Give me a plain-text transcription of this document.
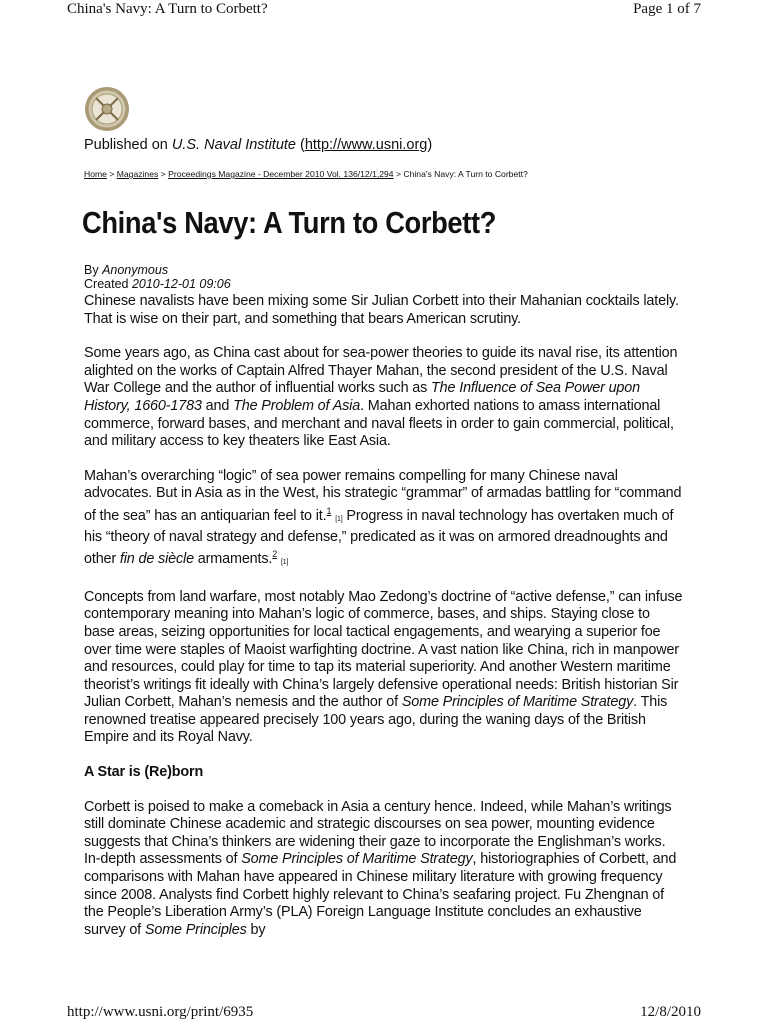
China's Navy: A Turn to Corbett?	Page 1 of 7
Published on U.S. Naval Institute (http://www.usni.org)
Home > Magazines > Proceedings Magazine - December 2010 Vol. 136/12/1,294 > China's Navy: A Turn to Corbett?
China's Navy: A Turn to Corbett?
By Anonymous
Created 2010-12-01 09:06

Chinese navalists have been mixing some Sir Julian Corbett into their Mahanian cocktails lately. That is wise on their part, and something that bears American scrutiny.

Some years ago, as China cast about for sea-power theories to guide its naval rise, its attention alighted on the works of Captain Alfred Thayer Mahan, the second president of the U.S. Naval War College and the author of influential works such as The Influence of Sea Power upon History, 1660-1783 and The Problem of Asia. Mahan exhorted nations to amass international commerce, forward bases, and merchant and naval fleets in order to gain commercial, political, and military access to key theaters like East Asia.

Mahan’s overarching “logic” of sea power remains compelling for many Chinese naval advocates. But in Asia as in the West, his strategic “grammar” of armadas battling for “command of the sea” has an antiquarian feel to it.$^1$ [1] Progress in naval technology has overtaken much of his “theory of naval strategy and defense,” predicated as it was on armored dreadnoughts and other fin de siècle armaments.$^2$ [1]

Concepts from land warfare, most notably Mao Zedong’s doctrine of “active defense,” can infuse contemporary meaning into Mahan’s logic of commerce, bases, and ships. Staying close to base areas, seizing opportunities for local tactical engagements, and wearying a superior foe over time were staples of Maoist warfighting doctrine. A vast nation like China, rich in manpower and resources, could play for time to tap its material superiority. And another Western maritime theorist’s writings fit ideally with China’s largely defensive operational needs: British historian Sir Julian Corbett, Mahan’s nemesis and the author of Some Principles of Maritime Strategy. This renowned treatise appeared precisely 100 years ago, during the waning days of the British Empire and its Royal Navy.

A Star is (Re)born

Corbett is poised to make a comeback in Asia a century hence. Indeed, while Mahan’s writings still dominate Chinese academic and strategic discourses on sea power, mounting evidence suggests that China’s thinkers are widening their gaze to incorporate the Englishman’s works. In-depth assessments of Some Principles of Maritime Strategy, historiographies of Corbett, and comparisons with Mahan have appeared in Chinese military literature with growing frequency since 2008. Analysts find Corbett highly relevant to China’s seafaring project. Fu Zhengnan of the People’s Liberation Army’s (PLA) Foreign Language Institute concludes an exhaustive survey of Some Principles by

http://www.usni.org/print/6935	12/8/2010
